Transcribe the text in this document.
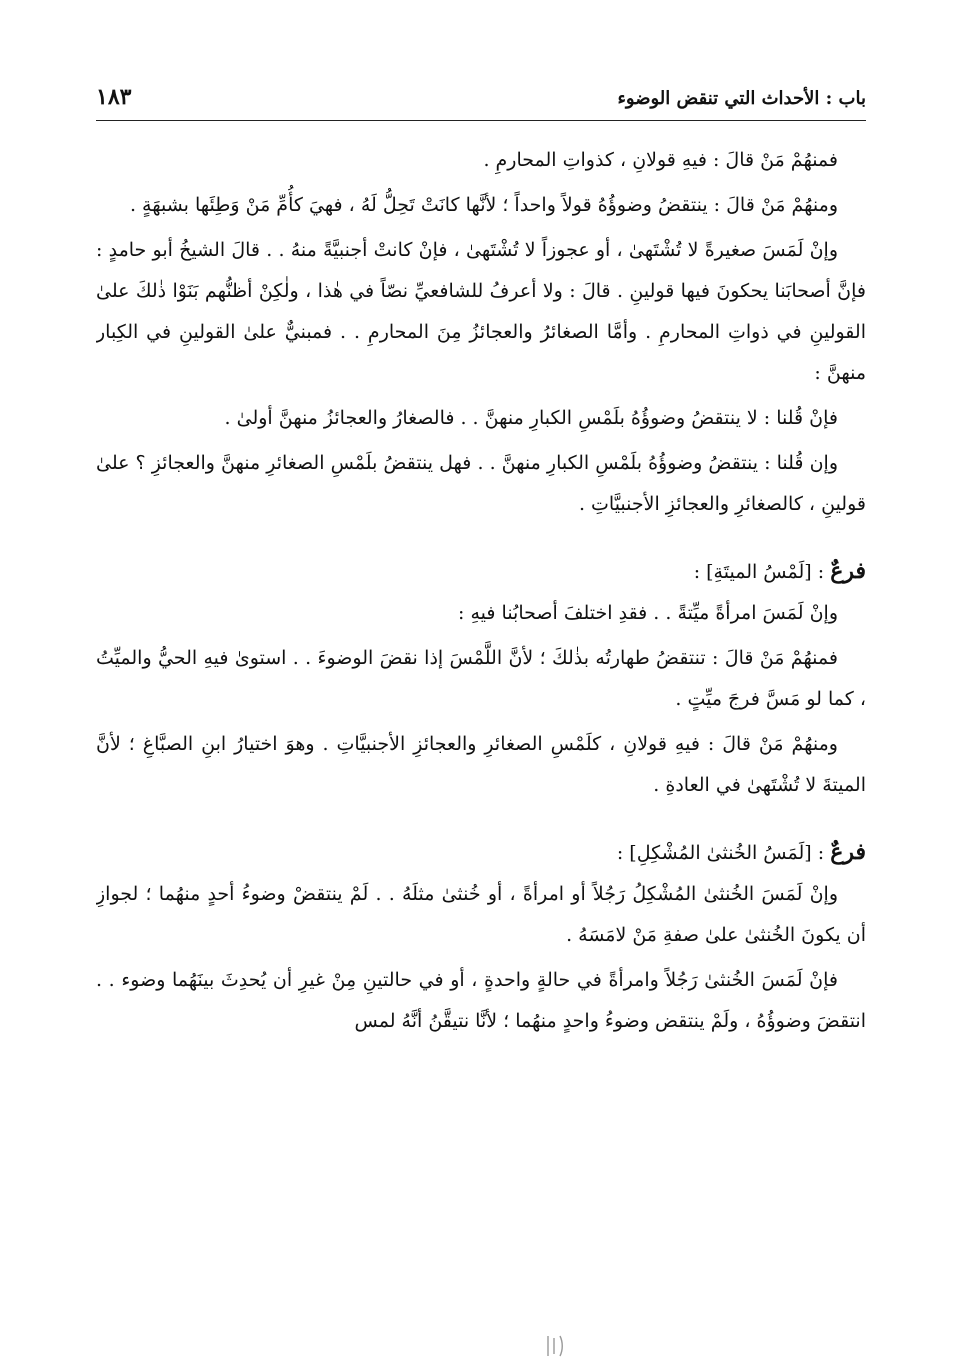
باب : الأحداث التي تنقض الوضوء
١٨٣

فمنهُمْ مَنْ قالَ : فيهِ قولانِ ، كذواتِ المحارمِ .

ومنهُمْ مَنْ قالَ : ينتقضُ وضوؤُهُ قولاً واحداً ؛ لأنَّها كانَتْ تَحِلُّ لَهُ ، فهيَ كأُمِّ مَنْ وَطِئَها بشبهَةٍ .

وإنْ لَمَسَ صغيرةً لا تُشْتَهىٰ ، أو عجوزاً لا تُشْتَهىٰ ، فإنْ كانتْ أجنبيَّةً منهُ . . قالَ الشيخُ أبو حامدٍ : فإنَّ أصحابَنا يحكونَ فيها قولينِ . قالَ : ولا أعرفُ للشافعيِّ نصّاً في هٰذا ، ولٰكِنْ أظنُّهم بَنَوْا ذٰلكَ علىٰ القولينِ في ذواتِ المحارمِ . وأمَّا الصغائرُ والعجائزُ مِنَ المحارمِ . . فمبنيٌّ علىٰ القولينِ في الكِبار منهنَّ :

فإنْ قُلنا : لا ينتقضُ وضوؤُهُ بلَمْسِ الكبارِ منهنَّ . . فالصغارُ والعجائزُ منهنَّ أولىٰ .

وإن قُلنا : ينتقضُ وضوؤُهُ بلَمْسِ الكبارِ منهنَّ . . فهل ينتقضُ بلَمْسِ الصغائرِ منهنَّ والعجائزِ ؟ علىٰ قولينِ ، كالصغائرِ والعجائزِ الأجنبيَّاتِ .

فرعٌ : [لَمْسُ الميتَةِ] :

وإنْ لَمَسَ امرأةً ميِّتةً . . فقدِ اختلفَ أصحابُنا فيهِ :

فمنهُمْ مَنْ قالَ : تنتقضُ طهارتُه بذٰلكَ ؛ لأنَّ اللَّمْسَ إذا نقضَ الوضوءَ . . استوىٰ فيهِ الحيُّ والميِّتُ ، كما لو مَسَّ فرجَ ميِّتٍ .

ومنهُمْ مَنْ قالَ : فيهِ قولانِ ، كلَمْسِ الصغائرِ والعجائزِ الأجنبيَّاتِ . وهوَ اختيارُ ابنِ الصبَّاغِ ؛ لأنَّ الميتةَ لا تُشْتَهىٰ في العادةِ .

فرعٌ : [لَمَسُ الخُنثىٰ المُشْكِلِ] :

وإنْ لَمَسَ الخُنثىٰ المُشْكِلُ رَجُلاً أو امرأةً ، أو خُنثىٰ مثلَهُ . . لَمْ ينتقضْ وضوءُ أحدٍ منهُما ؛ لجوازِ أن يكونَ الخُنثىٰ علىٰ صفةِ مَنْ لامَسَهُ .

فإنْ لَمَسَ الخُنثىٰ رَجُلاً وامرأةً في حالةٍ واحدةٍ ، أو في حالتينِ مِنْ غيرِ أن يُحدِثَ بينَهُما وضوء . . انتقضَ وضوؤُهُ ، ولَمْ ينتقض وضوءُ واحدٍ منهُما ؛ لأنَّا نتيقَّنُ أنَّهُ لمس
